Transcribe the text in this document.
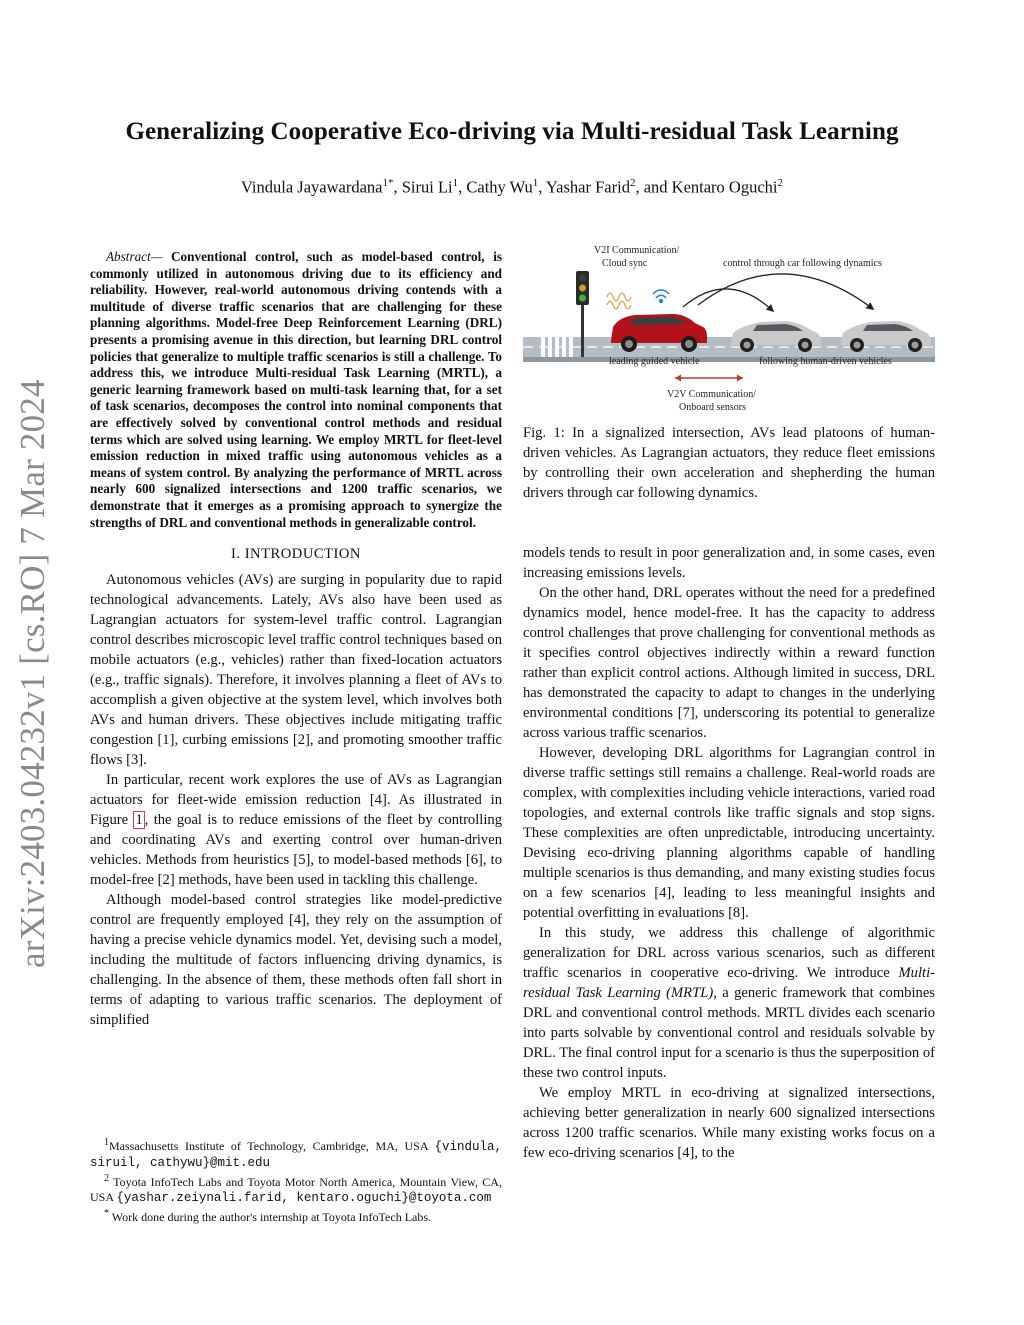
Generalizing Cooperative Eco-driving via Multi-residual Task Learning
Vindula Jayawardana$^{1*}$, Sirui Li$^1$, Cathy Wu$^1$, Yashar Farid$^2$, and Kentaro Oguchi$^2$
arXiv:2403.04232v1 [cs.RO] 7 Mar 2024

Abstract— Conventional control, such as model-based control, is commonly utilized in autonomous driving due to its efficiency and reliability. However, real-world autonomous driving contends with a multitude of diverse traffic scenarios that are challenging for these planning algorithms. Model-free Deep Reinforcement Learning (DRL) presents a promising avenue in this direction, but learning DRL control policies that generalize to multiple traffic scenarios is still a challenge. To address this, we introduce Multi-residual Task Learning (MRTL), a generic learning framework based on multi-task learning that, for a set of task scenarios, decomposes the control into nominal components that are effectively solved by conventional control methods and residual terms which are solved using learning. We employ MRTL for fleet-level emission reduction in mixed traffic using autonomous vehicles as a means of system control. By analyzing the performance of MRTL across nearly 600 signalized intersections and 1200 traffic scenarios, we demonstrate that it emerges as a promising approach to synergize the strengths of DRL and conventional methods in generalizable control.

I. INTRODUCTION

Autonomous vehicles (AVs) are surging in popularity due to rapid technological advancements. Lately, AVs also have been used as Lagrangian actuators for system-level traffic control. Lagrangian control describes microscopic level traffic control techniques based on mobile actuators (e.g., vehicles) rather than fixed-location actuators (e.g., traffic signals). Therefore, it involves planning a fleet of AVs to accomplish a given objective at the system level, which involves both AVs and human drivers. These objectives include mitigating traffic congestion [1], curbing emissions [2], and promoting smoother traffic flows [3].

In particular, recent work explores the use of AVs as Lagrangian actuators for fleet-wide emission reduction [4]. As illustrated in Figure 1 , the goal is to reduce emissions of the fleet by controlling and coordinating AVs and exerting control over human-driven vehicles. Methods from heuristics [5], to model-based methods [6], to model-free [2] methods, have been used in tackling this challenge.

Although model-based control strategies like model-predictive control are frequently employed [4], they rely on the assumption of having a precise vehicle dynamics model. Yet, devising such a model, including the multitude of factors influencing driving dynamics, is challenging. In the absence of them, these methods often fall short in terms of adapting to various traffic scenarios. The deployment of simplified

$^1$Massachusetts Institute of Technology, Cambridge, MA, USA {vindula, siruil, cathywu}@mit.edu
$^2$ Toyota InfoTech Labs and Toyota Motor North America, Mountain View, CA, USA {yashar.zeiynali.farid, kentaro.oguchi}@toyota.com
* Work done during the author's internship at Toyota InfoTech Labs.
V2I Communication/
Cloud sync	control through car following dynamics
leading guided vehicle	following human-driven vehicles
V2V Communication/
Onboard sensors
Fig. 1: In a signalized intersection, AVs lead platoons of human-driven vehicles. As Lagrangian actuators, they reduce fleet emissions by controlling their own acceleration and shepherding the human drivers through car following dynamics.

models tends to result in poor generalization and, in some cases, even increasing emissions levels.

On the other hand, DRL operates without the need for a predefined dynamics model, hence model-free. It has the capacity to address control challenges that prove challenging for conventional methods as it specifies control objectives indirectly within a reward function rather than explicit control actions. Although limited in success, DRL has demonstrated the capacity to adapt to changes in the underlying environmental conditions [7], underscoring its potential to generalize across various traffic scenarios.

However, developing DRL algorithms for Lagrangian control in diverse traffic settings still remains a challenge. Real-world roads are complex, with complexities including vehicle interactions, varied road topologies, and external controls like traffic signals and stop signs. These complexities are often unpredictable, introducing uncertainty. Devising eco-driving planning algorithms capable of handling multiple scenarios is thus demanding, and many existing studies focus on a few scenarios [4], leading to less meaningful insights and potential overfitting in evaluations [8].

In this study, we address this challenge of algorithmic generalization for DRL across various scenarios, such as different traffic scenarios in cooperative eco-driving. We introduce Multi-residual Task Learning (MRTL), a generic framework that combines DRL and conventional control methods. MRTL divides each scenario into parts solvable by conventional control and residuals solvable by DRL. The final control input for a scenario is thus the superposition of these two control inputs.

We employ MRTL in eco-driving at signalized intersections, achieving better generalization in nearly 600 signalized intersections across 1200 traffic scenarios. While many existing works focus on a few eco-driving scenarios [4], to the
